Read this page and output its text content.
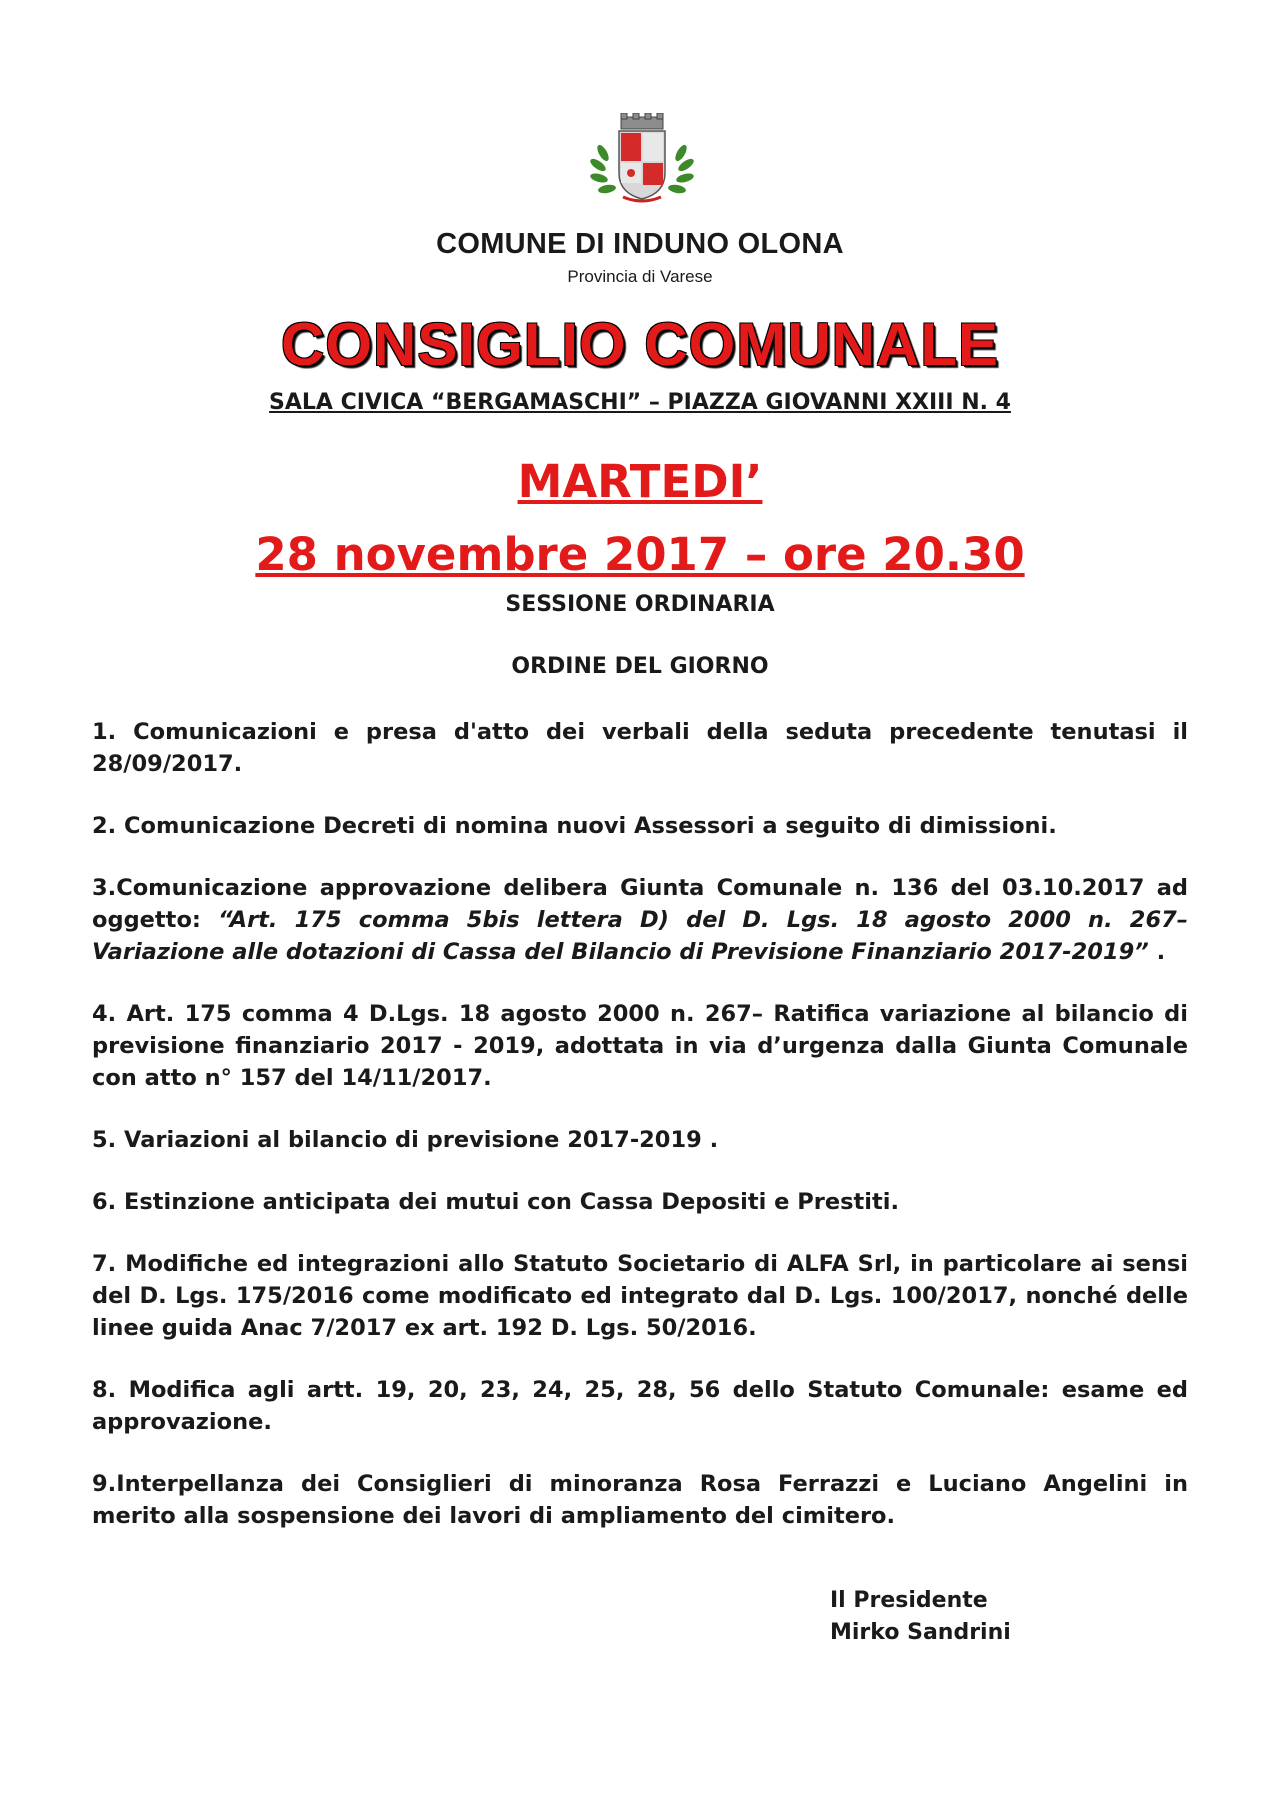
COMUNE DI INDUNO OLONA
Provincia di Varese
CONSIGLIO COMUNALE
SALA CIVICA “BERGAMASCHI” – PIAZZA GIOVANNI XXIII N. 4
MARTEDI’
28 novembre 2017 – ore 20.30
SESSIONE ORDINARIA
ORDINE DEL GIORNO

1. Comunicazioni e presa d'atto dei verbali della seduta precedente tenutasi il 28/09/2017.

2. Comunicazione Decreti di nomina nuovi Assessori a seguito di dimissioni.

3.Comunicazione approvazione delibera Giunta Comunale n. 136 del 03.10.2017 ad oggetto: “Art. 175 comma 5bis lettera D) del D. Lgs. 18 agosto 2000 n. 267– Variazione alle dotazioni di Cassa del Bilancio di Previsione Finanziario 2017-2019” .

4. Art. 175 comma 4 D.Lgs. 18 agosto 2000 n. 267– Ratifica variazione al bilancio di previsione finanziario 2017 - 2019, adottata in via d’urgenza dalla Giunta Comunale con atto n° 157 del 14/11/2017.

5. Variazioni al bilancio di previsione 2017-2019 .

6. Estinzione anticipata dei mutui con Cassa Depositi e Prestiti.

7. Modifiche ed integrazioni allo Statuto Societario di ALFA Srl, in particolare ai sensi del D. Lgs. 175/2016 come modificato ed integrato dal D. Lgs. 100/2017, nonché delle linee guida Anac 7/2017 ex art. 192 D. Lgs. 50/2016.

8. Modifica agli artt. 19, 20, 23, 24, 25, 28, 56 dello Statuto Comunale: esame ed approvazione.

9.Interpellanza dei Consiglieri di minoranza Rosa Ferrazzi e Luciano Angelini in merito alla sospensione dei lavori di ampliamento del cimitero.

Il Presidente
Mirko Sandrini
